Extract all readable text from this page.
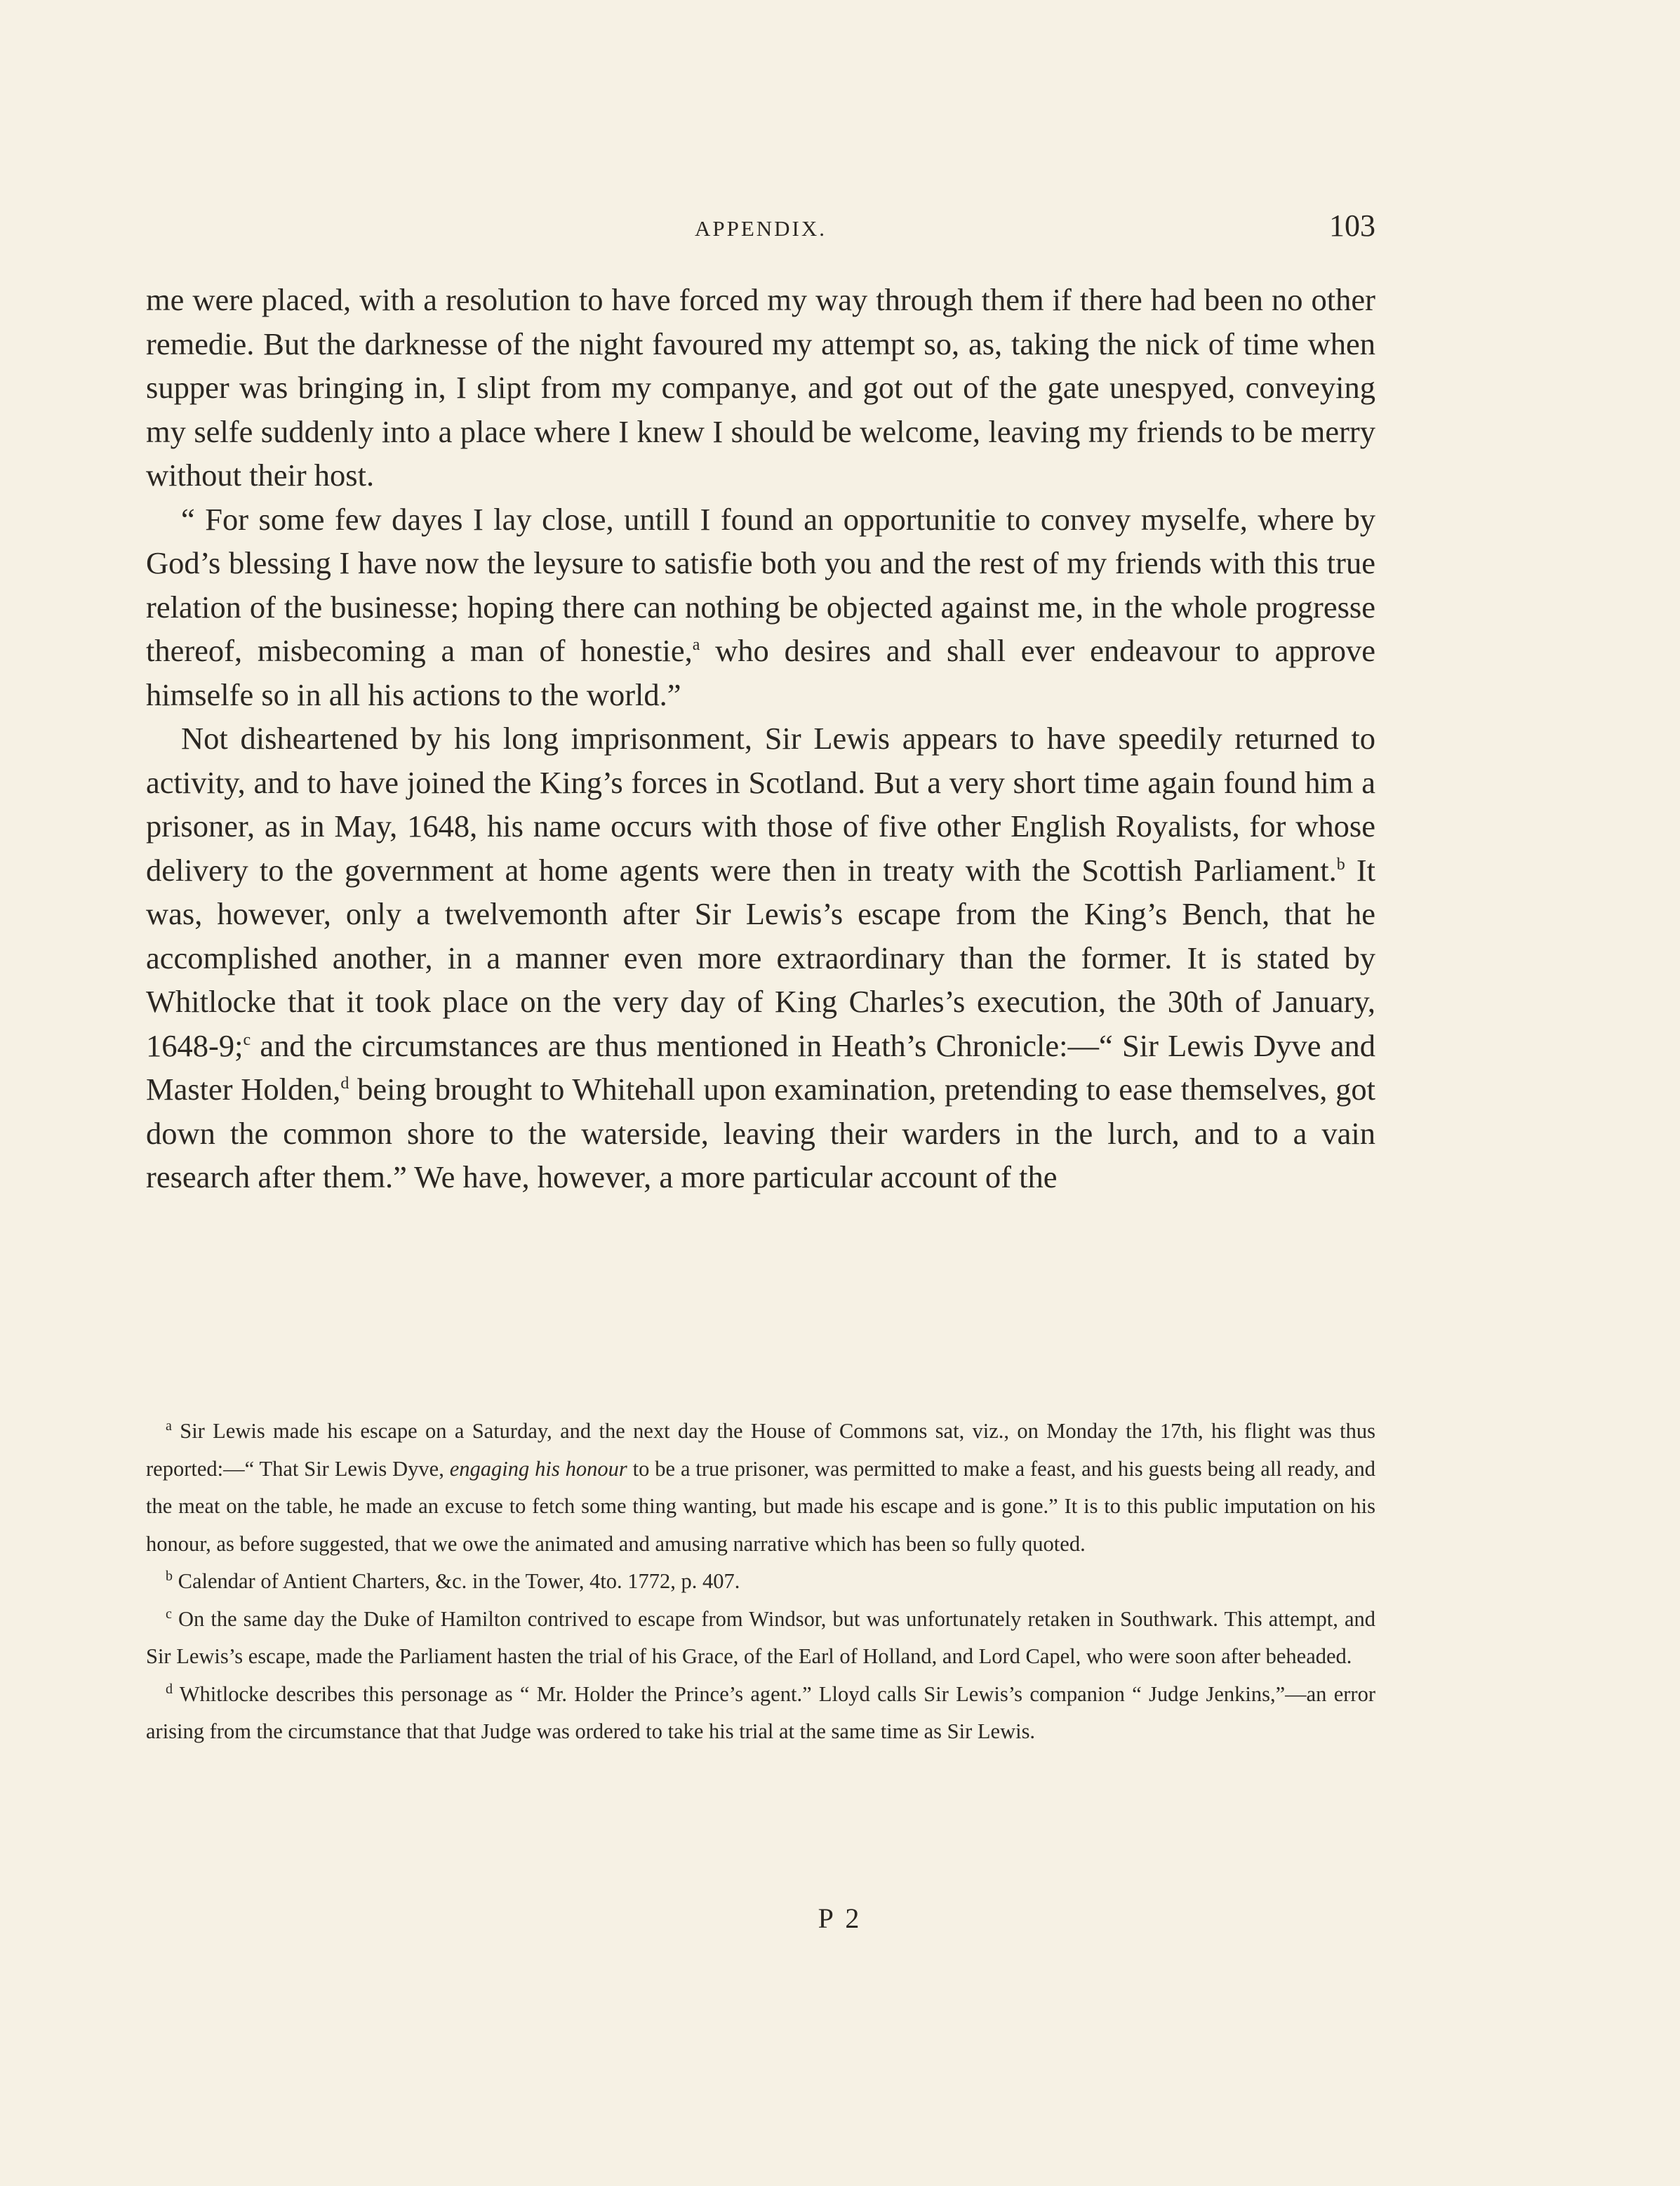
APPENDIX.	103

me were placed, with a resolution to have forced my way through them if there had been no other remedie. But the darknesse of the night favoured my attempt so, as, taking the nick of time when supper was bringing in, I slipt from my companye, and got out of the gate unespyed, conveying my selfe suddenly into a place where I knew I should be welcome, leaving my friends to be merry without their host.

“ For some few dayes I lay close, untill I found an opportunitie to convey myselfe, where by God’s blessing I have now the leysure to satisfie both you and the rest of my friends with this true relation of the businesse; hoping there can nothing be objected against me, in the whole progresse thereof, misbecoming a man of honestie,$^a$ who desires and shall ever endeavour to approve himselfe so in all his actions to the world.”

Not disheartened by his long imprisonment, Sir Lewis appears to have speedily returned to activity, and to have joined the King’s forces in Scotland. But a very short time again found him a prisoner, as in May, 1648, his name occurs with those of five other English Royalists, for whose delivery to the government at home agents were then in treaty with the Scottish Parliament.$^b$ It was, however, only a twelvemonth after Sir Lewis’s escape from the King’s Bench, that he accomplished another, in a manner even more extraordinary than the former. It is stated by Whitlocke that it took place on the very day of King Charles’s execution, the 30th of January, 1648-9;$^c$ and the circumstances are thus mentioned in Heath’s Chronicle:—“ Sir Lewis Dyve and Master Holden,$^d$ being brought to Whitehall upon examination, pretending to ease themselves, got down the common shore to the waterside, leaving their warders in the lurch, and to a vain research after them.” We have, however, a more particular account of the

$^a$ Sir Lewis made his escape on a Saturday, and the next day the House of Commons sat, viz., on Monday the 17th, his flight was thus reported:—“ That Sir Lewis Dyve, engaging his honour to be a true prisoner, was permitted to make a feast, and his guests being all ready, and the meat on the table, he made an excuse to fetch some thing wanting, but made his escape and is gone.” It is to this public imputation on his honour, as before suggested, that we owe the animated and amusing narrative which has been so fully quoted.

$^b$ Calendar of Antient Charters, &c. in the Tower, 4to. 1772, p. 407.

$^c$ On the same day the Duke of Hamilton contrived to escape from Windsor, but was unfortunately retaken in Southwark. This attempt, and Sir Lewis’s escape, made the Parliament hasten the trial of his Grace, of the Earl of Holland, and Lord Capel, who were soon after beheaded.

$^d$ Whitlocke describes this personage as “ Mr. Holder the Prince’s agent.” Lloyd calls Sir Lewis’s companion “ Judge Jenkins,”—an error arising from the circumstance that that Judge was ordered to take his trial at the same time as Sir Lewis.

P 2
